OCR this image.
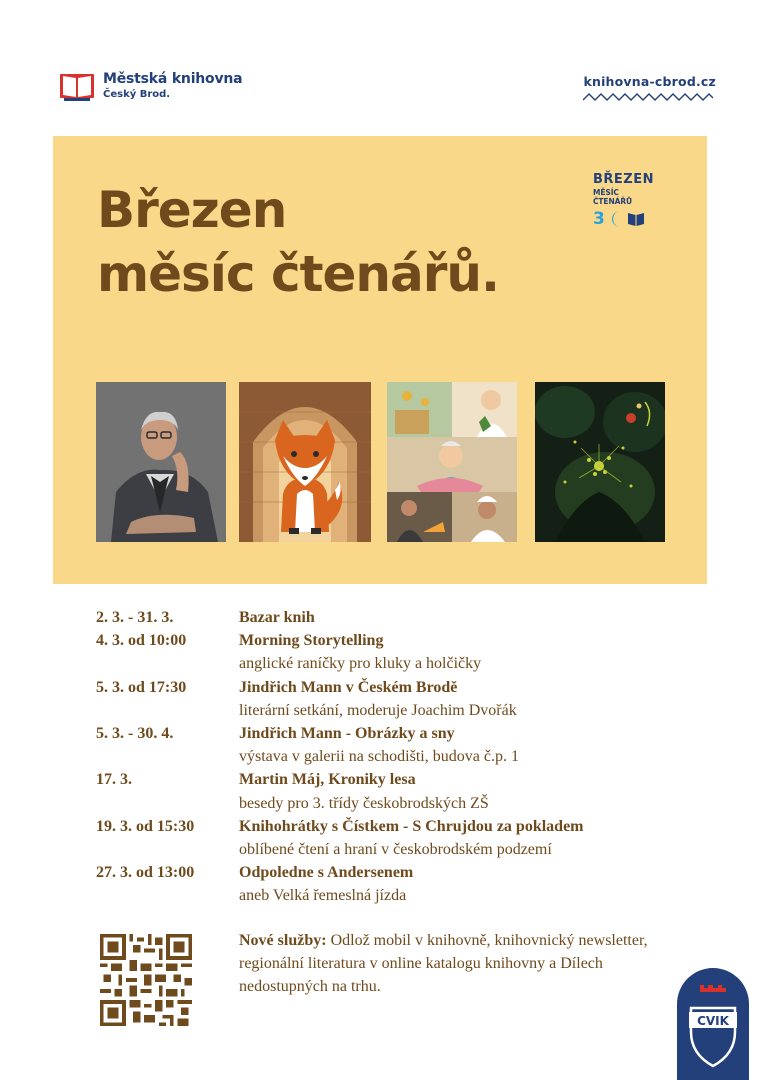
Městská knihovna
Český Brod.
knihovna-cbrod.cz
Březen
měsíc čtenářů.
BŘEZEN
MĚSÍC ČTENÁŘŮ
3
2. 3. - 31. 3.	Bazar knih
4. 3. od 10:00	Morning Storytelling
anglické raníčky pro kluky a holčičky
5. 3. od 17:30	Jindřich Mann v Českém Brodě
literární setkání, moderuje Joachim Dvořák
5. 3. - 30. 4.	Jindřich Mann - Obrázky a sny
výstava v galerii na schodišti, budova č.p. 1
17. 3.	Martin Máj, Kroniky lesa
besedy pro 3. třídy českobrodských ZŠ
19. 3. od 15:30	Knihohrátky s Čístkem - S Chrujdou za pokladem
oblíbené čtení a hraní v českobrodském podzemí
27. 3. od 13:00	Odpoledne s Andersenem
aneb Velká řemeslná jízda
Nové služby: Odlož mobil v knihovně, knihovnický newsletter, regionální literatura v online katalogu knihovny a Dílech nedostupných na trhu.
CVIK
